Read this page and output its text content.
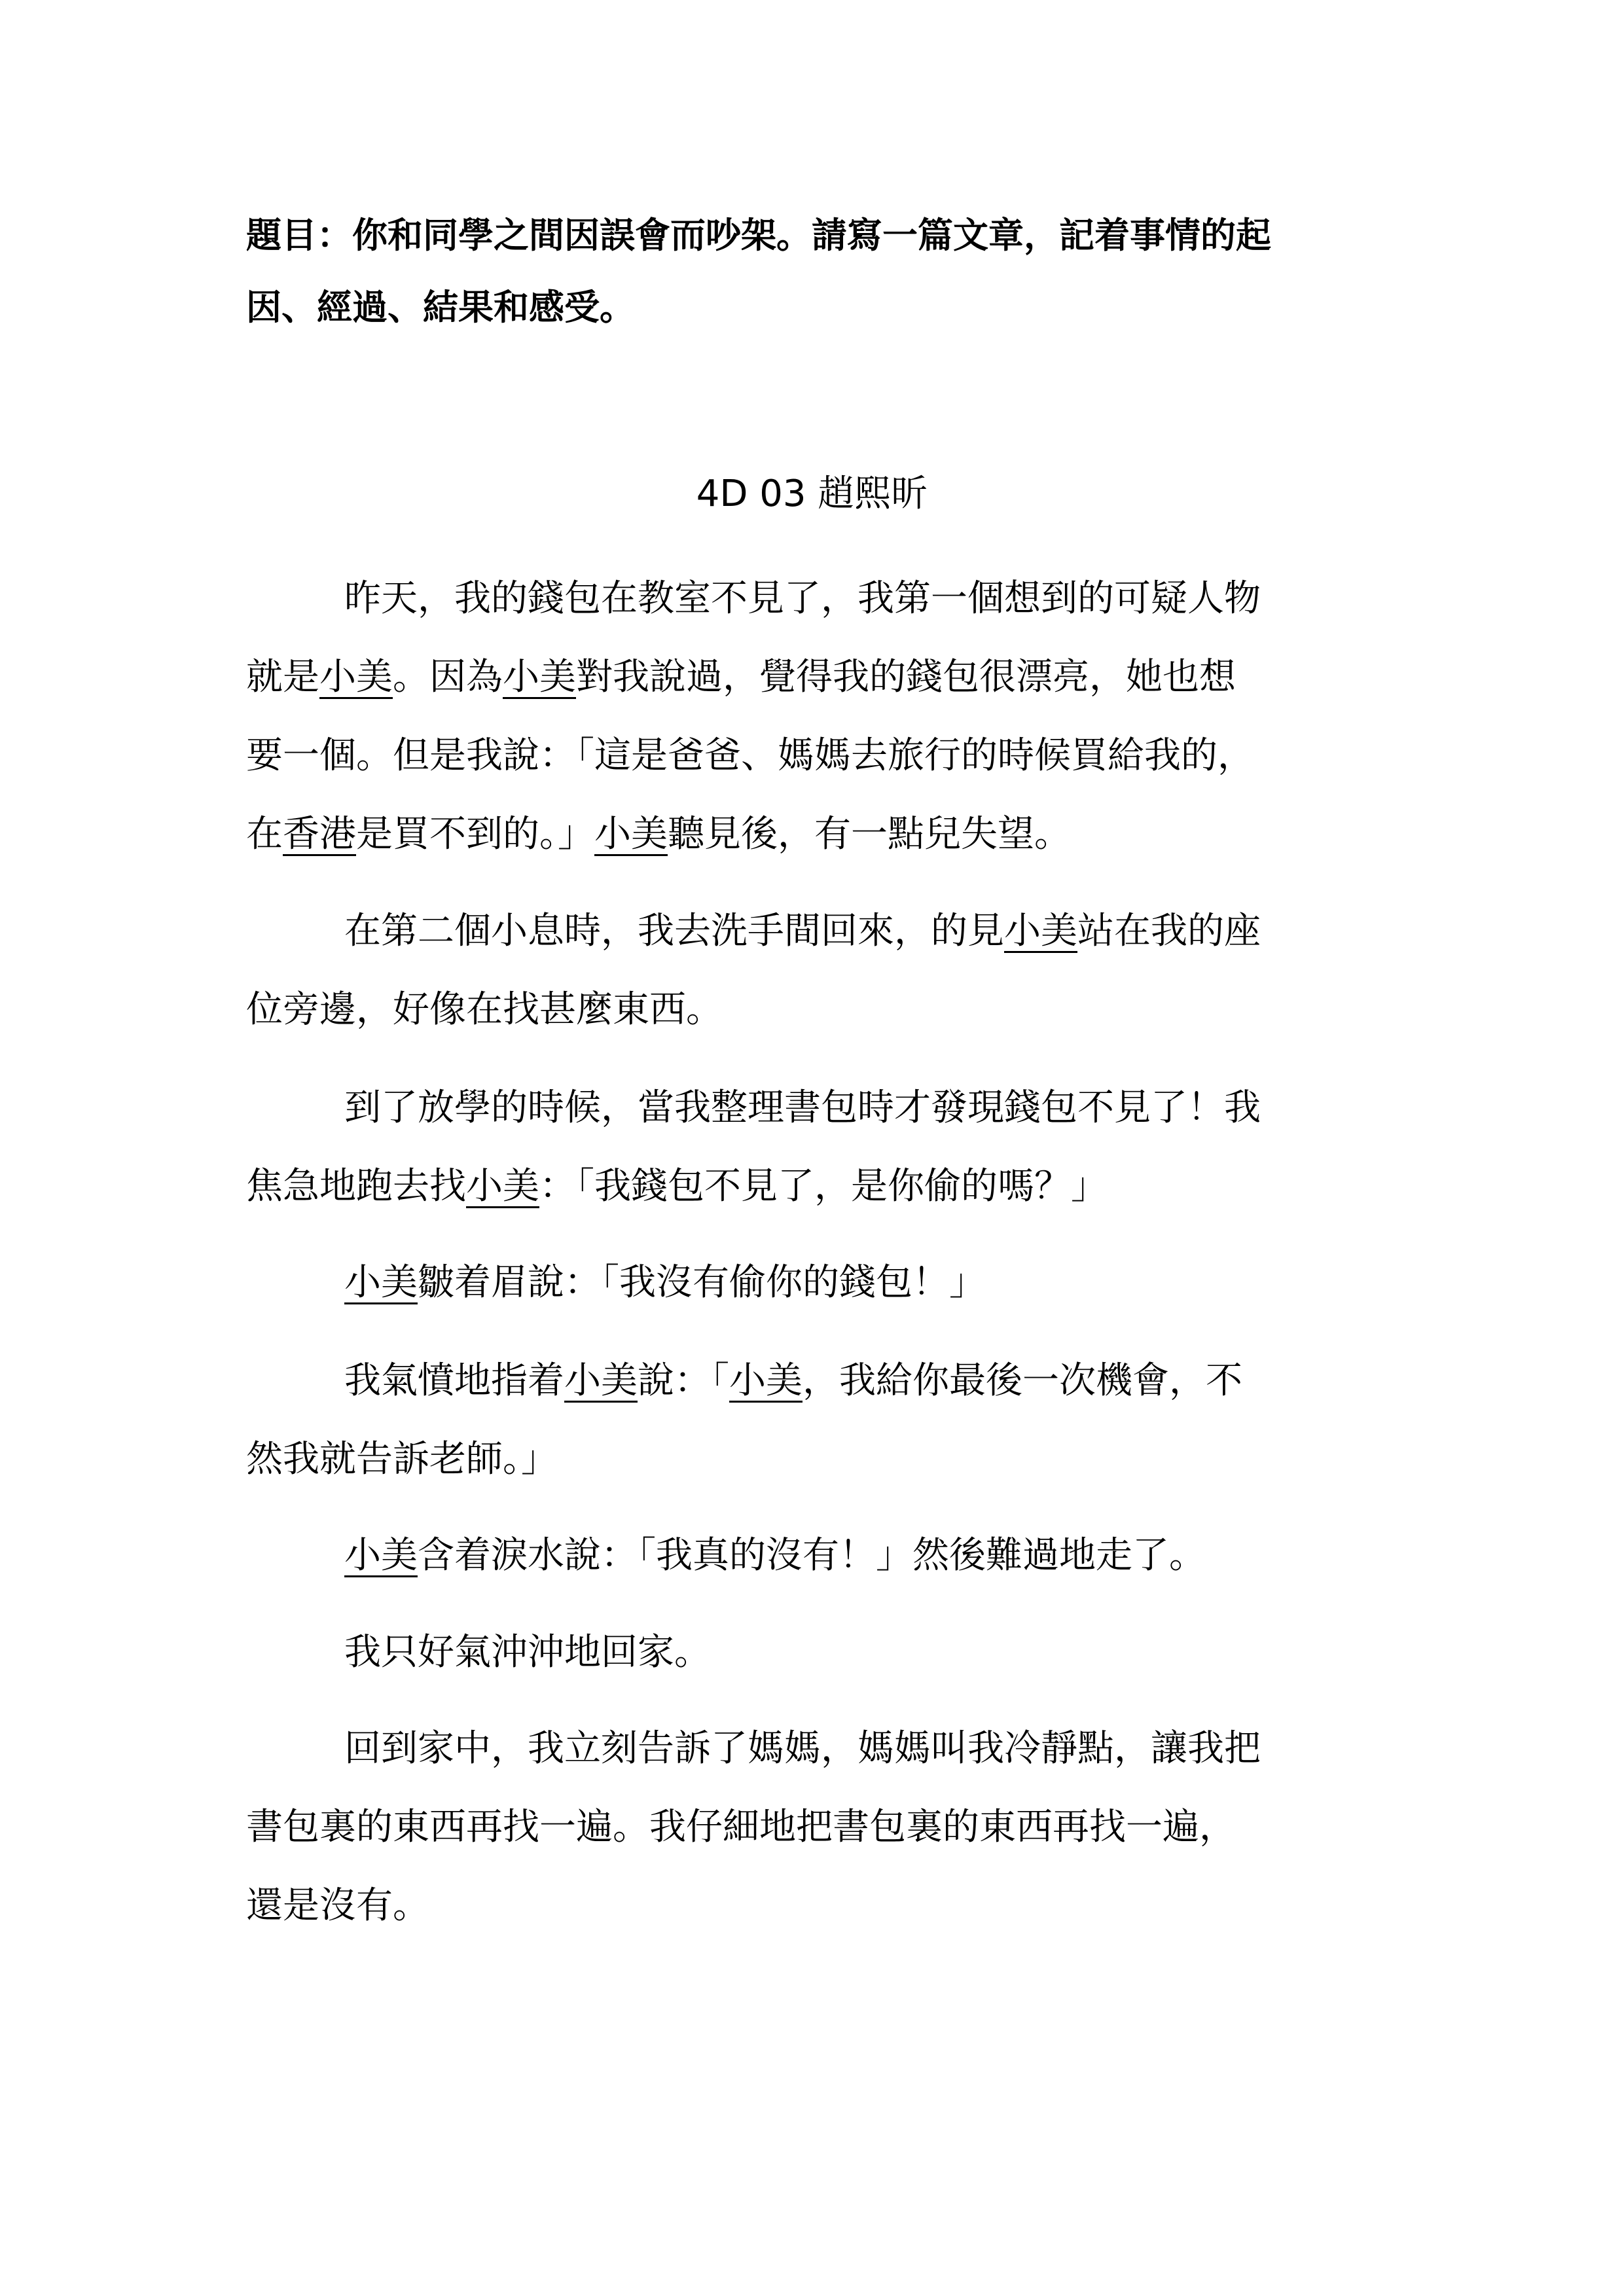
題目：你和同學之間因誤會而吵架。請寫一篇文章，記着事情的起
因、經過、結果和感受。
4D 03 趙熙昕
昨天，我的錢包在教室不見了，我第一個想到的可疑人物
就是小美。因為小美對我說過，覺得我的錢包很漂亮，她也想
要一個。但是我說：「這是爸爸、媽媽去旅行的時候買給我的，
在香港是買不到的。」小美聽見後，有一點兒失望。
在第二個小息時，我去洗手間回來，的見小美站在我的座
位旁邊，好像在找甚麼東西。
到了放學的時候，當我整理書包時才發現錢包不見了！我
焦急地跑去找小美：「我錢包不見了，是你偷的嗎？」
小美皺着眉說：「我沒有偷你的錢包！」
我氣憤地指着小美說：「小美，我給你最後一次機會，不
然我就告訴老師。」
小美含着淚水說：「我真的沒有！」然後難過地走了。
我只好氣沖沖地回家。
回到家中，我立刻告訴了媽媽，媽媽叫我冷靜點，讓我把
書包裏的東西再找一遍。我仔細地把書包裏的東西再找一遍，
還是沒有。
